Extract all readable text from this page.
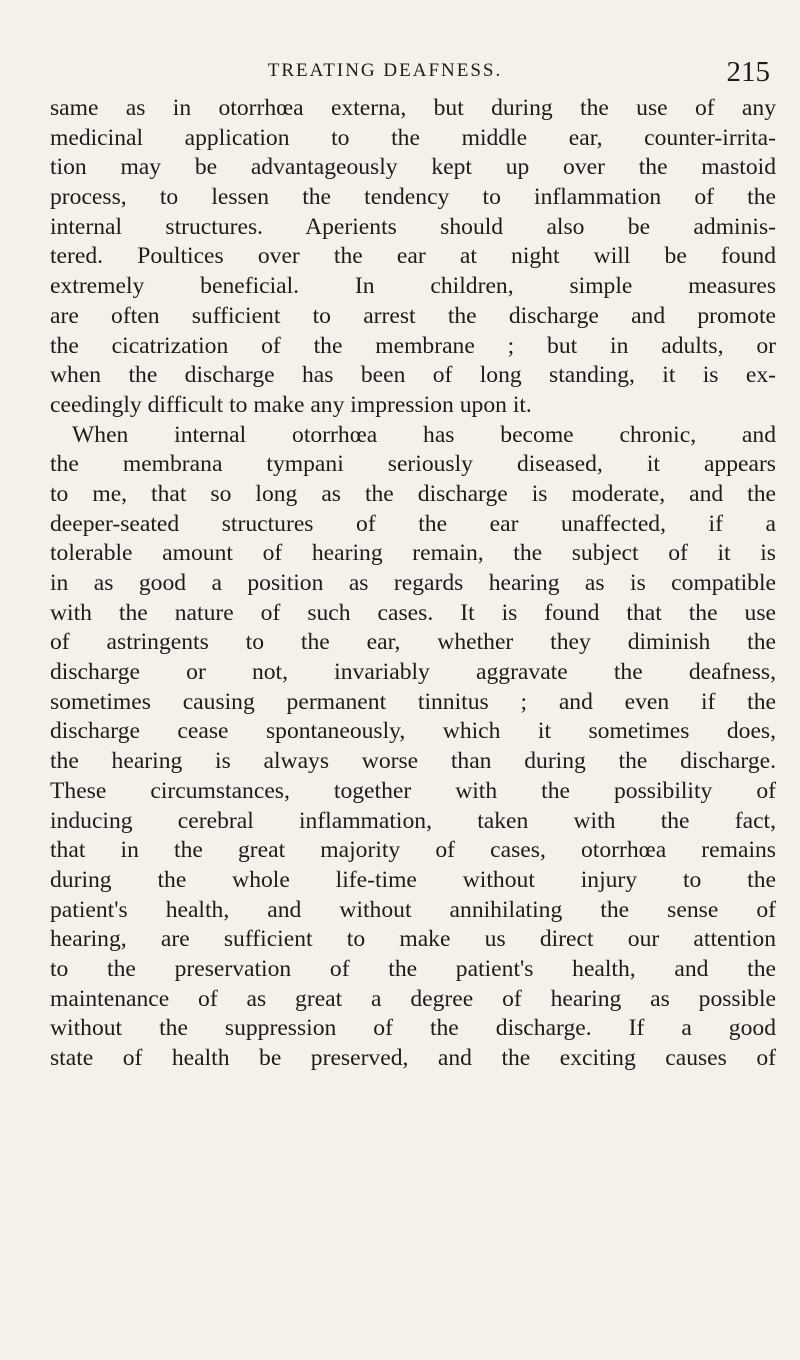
TREATING DEAFNESS.	215
same as in otorrhœa externa, but during the use of any
medicinal application to the middle ear, counter-irrita-
tion may be advantageously kept up over the mastoid
process, to lessen the tendency to inflammation of the
internal structures. Aperients should also be adminis-
tered. Poultices over the ear at night will be found
extremely beneficial. In children, simple measures
are often sufficient to arrest the discharge and promote
the cicatrization of the membrane ; but in adults, or
when the discharge has been of long standing, it is ex-
ceedingly difficult to make any impression upon it.
When internal otorrhœa has become chronic, and
the membrana tympani seriously diseased, it appears
to me, that so long as the discharge is moderate, and the
deeper-seated structures of the ear unaffected, if a
tolerable amount of hearing remain, the subject of it is
in as good a position as regards hearing as is compatible
with the nature of such cases. It is found that the use
of astringents to the ear, whether they diminish the
discharge or not, invariably aggravate the deafness,
sometimes causing permanent tinnitus ; and even if the
discharge cease spontaneously, which it sometimes does,
the hearing is always worse than during the discharge.
These circumstances, together with the possibility of
inducing cerebral inflammation, taken with the fact,
that in the great majority of cases, otorrhœa remains
during the whole life-time without injury to the
patient's health, and without annihilating the sense of
hearing, are sufficient to make us direct our attention
to the preservation of the patient's health, and the
maintenance of as great a degree of hearing as possible
without the suppression of the discharge. If a good
state of health be preserved, and the exciting causes of
